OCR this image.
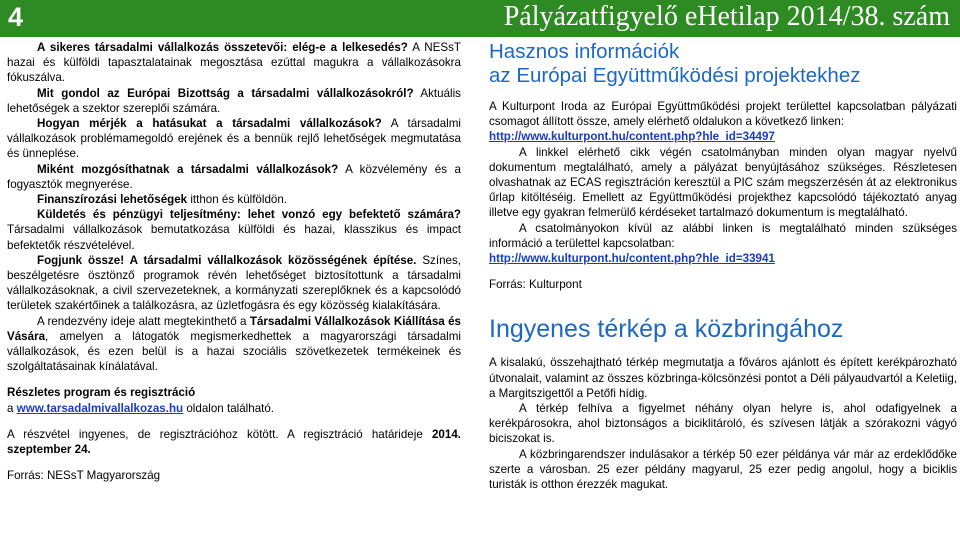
4	Pályázatfigyelő eHetilap 2014/38. szám

A sikeres társadalmi vállalkozás összetevői: elég-e a lelkesedés? A NESsT hazai és külföldi tapasztalatainak megosztása ezúttal magukra a vállalkozásokra fókuszálva.

Mit gondol az Európai Bizottság a társadalmi vállalkozásokról? Aktuális lehetőségek a szektor szereplői számára.

Hogyan mérjék a hatásukat a társadalmi vállalkozások? A társadalmi vállalkozások problémamegoldó erejének és a bennük rejlő lehetőségek megmutatása és ünneplése.

Miként mozgósíthatnak a társadalmi vállalkozások? A közvélemény és a fogyasztók megnyerése.

Finanszírozási lehetőségek itthon és külföldön.

Küldetés és pénzügyi teljesítmény: lehet vonzó egy befektető számára? Társadalmi vállalkozások bemutatkozása külföldi és hazai, klasszikus és impact befektetők részvételével.

Fogjunk össze! A társadalmi vállalkozások közösségének építése. Színes, beszélgetésre ösztönző programok révén lehetőséget biztosítottunk a társadalmi vállalkozásoknak, a civil szervezeteknek, a kormányzati szereplőknek és a kapcsolódó területek szakértőinek a találkozásra, az üzletfogásra és egy közösség kialakítására.

A rendezvény ideje alatt megtekinthető a Társadalmi Vállalkozások Kiállítása és Vására, amelyen a látogatók megismerkedhettek a magyarországi társadalmi vállalkozások, és ezen belül is a hazai szociális szövetkezetek termékeinek és szolgáltatásainak kínálatával.

Részletes program és regisztráció
a www.tarsadalmivallalkozas.hu oldalon található.

A részvétel ingyenes, de regisztrációhoz kötött. A regisztráció határideje 2014. szeptember 24.

Forrás: NESsT Magyarország

Hasznos információk
az Európai Együttműködési projektekhez

A Kulturpont Iroda az Európai Együttműködési projekt területtel kapcsolatban pályázati csomagot állított össze, amely elérhető oldalukon a következő linken:

http://www.kulturpont.hu/content.php?hle_id=34497

A linkkel elérhető cikk végén csatolmányban minden olyan magyar nyelvű dokumentum megtalálható, amely a pályázat benyújtásához szükséges. Részletesen olvashatnak az ECAS regisztráción keresztül a PIC szám megszerzésén át az elektronikus űrlap kitöltéséig. Emellett az Együttműködési projekthez kapcsolódó tájékoztató anyag illetve egy gyakran felmerülő kérdéseket tartalmazó dokumentum is megtalálható.

A csatolmányokon kívül az alábbi linken is megtalálható minden szükséges információ a területtel kapcsolatban:

http://www.kulturpont.hu/content.php?hle_id=33941

Forrás: Kulturpont

Ingyenes térkép a közbringához

A kisalakú, összehajtható térkép megmutatja a főváros ajánlott és épített kerékpározható útvonalait, valamint az összes közbringa-kölcsönzési pontot a Déli pályaudvartól a Keletiig, a Margitszigettől a Petőfi hídig.

A térkép felhíva a figyelmet néhány olyan helyre is, ahol odafigyelnek a kerékpárosokra, ahol biztonságos a biciklitároló, és szívesen látják a szórakozni vágyó biciszokat is.

A közbringarendszer indulásakor a térkép 50 ezer példánya vár már az erdeklődőke szerte a városban. 25 ezer példány magyarul, 25 ezer pedig angolul, hogy a biciklis turisták is otthon érezzék magukat.
